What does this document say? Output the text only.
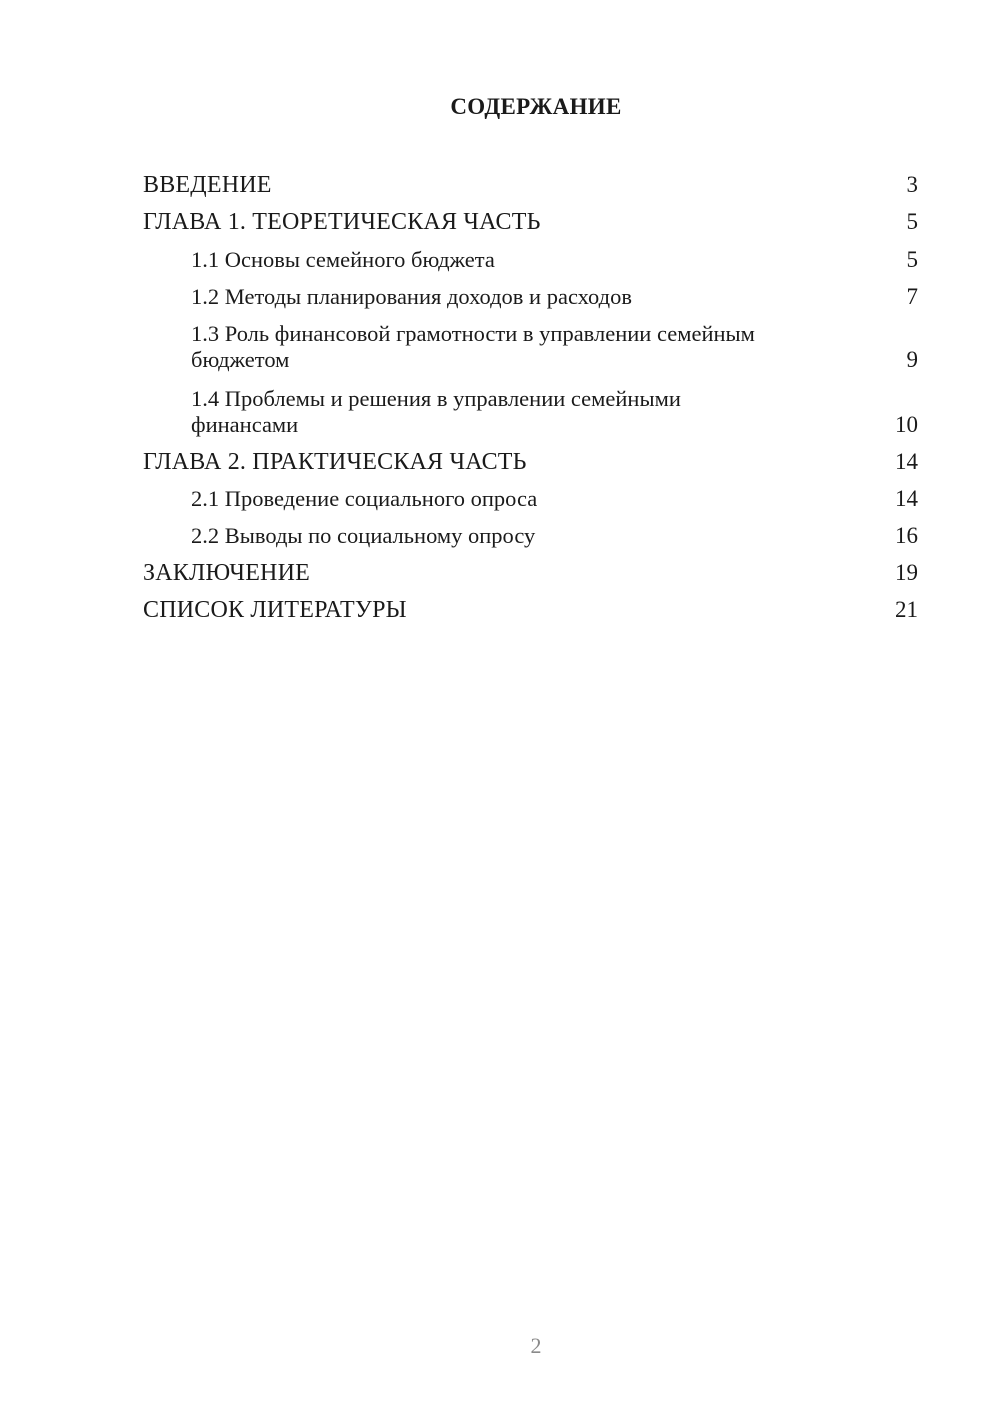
СОДЕРЖАНИЕ
ВВЕДЕНИЕ	3
ГЛАВА 1. ТЕОРЕТИЧЕСКАЯ ЧАСТЬ	5
1.1 Основы семейного бюджета	5
1.2 Методы планирования доходов и расходов	7
1.3 Роль финансовой грамотности в управлении семейным
бюджетом	9
1.4 Проблемы и решения в управлении семейными
финансами	10
ГЛАВА 2. ПРАКТИЧЕСКАЯ ЧАСТЬ	14
2.1 Проведение социального опроса	14
2.2 Выводы по социальному опросу	16
ЗАКЛЮЧЕНИЕ	19
СПИСОК ЛИТЕРАТУРЫ	21
2
